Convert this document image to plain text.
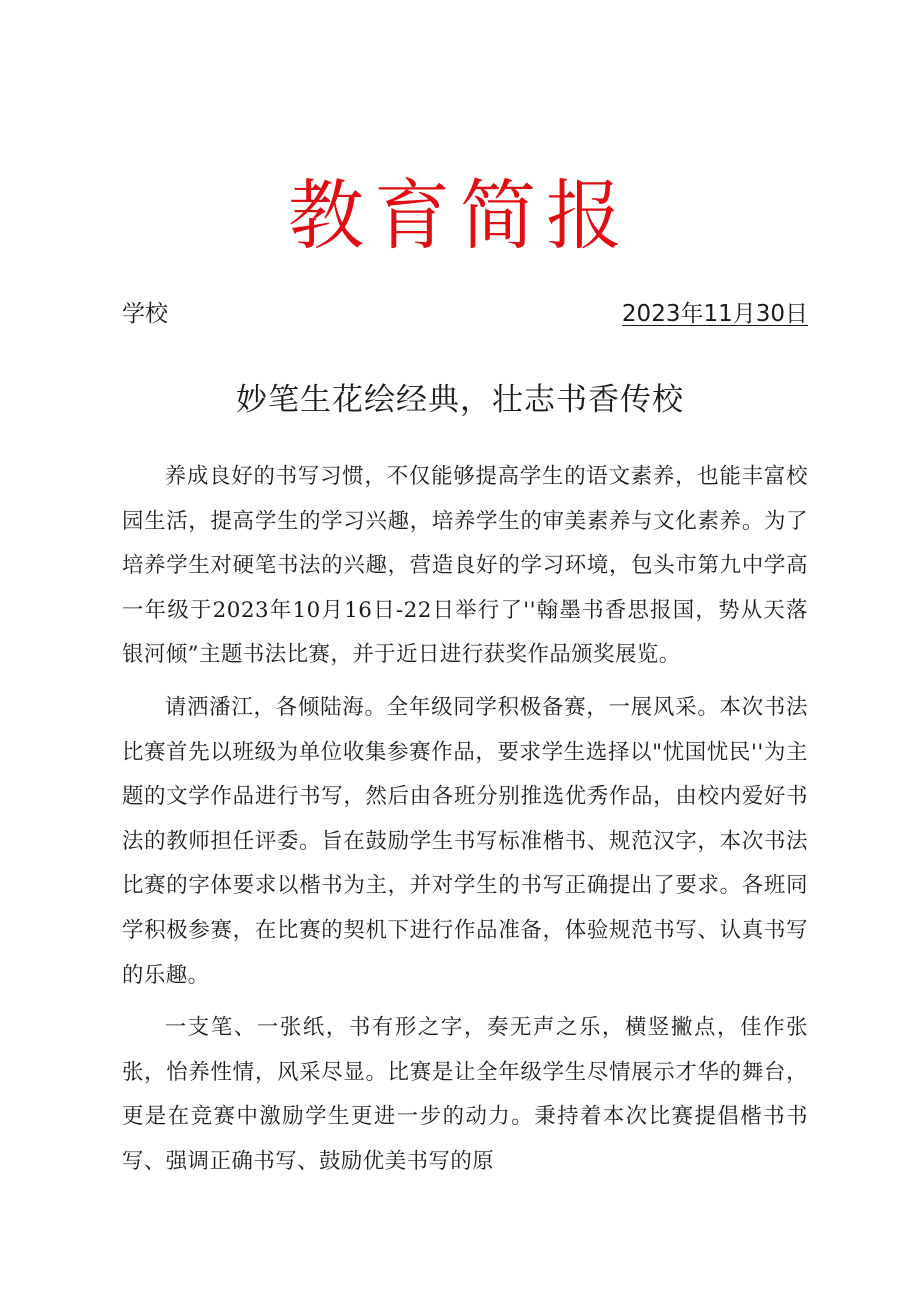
教育简报
学校	2023年11月30日
妙笔生花绘经典，壮志书香传校

养成良好的书写习惯，不仅能够提高学生的语文素养，也能丰富校园生活，提高学生的学习兴趣，培养学生的审美素养与文化素养。为了培养学生对硬笔书法的兴趣，营造良好的学习环境，包头市第九中学高一年级于2023年10月16日-22日举行了''翰墨书香思报国，势从天落银河倾”主题书法比赛，并于近日进行获奖作品颁奖展览。

请洒潘江，各倾陆海。全年级同学积极备赛，一展风采。本次书法比赛首先以班级为单位收集参赛作品，要求学生选择以"忧国忧民''为主题的文学作品进行书写，然后由各班分别推选优秀作品，由校内爱好书法的教师担任评委。旨在鼓励学生书写标准楷书、规范汉字，本次书法比赛的字体要求以楷书为主，并对学生的书写正确提出了要求。各班同学积极参赛，在比赛的契机下进行作品准备，体验规范书写、认真书写的乐趣。

一支笔、一张纸，书有形之字，奏无声之乐，横竖撇点，佳作张张，怡养性情，风采尽显。比赛是让全年级学生尽情展示才华的舞台，更是在竞赛中激励学生更进一步的动力。秉持着本次比赛提倡楷书书写、强调正确书写、鼓励优美书写的原
